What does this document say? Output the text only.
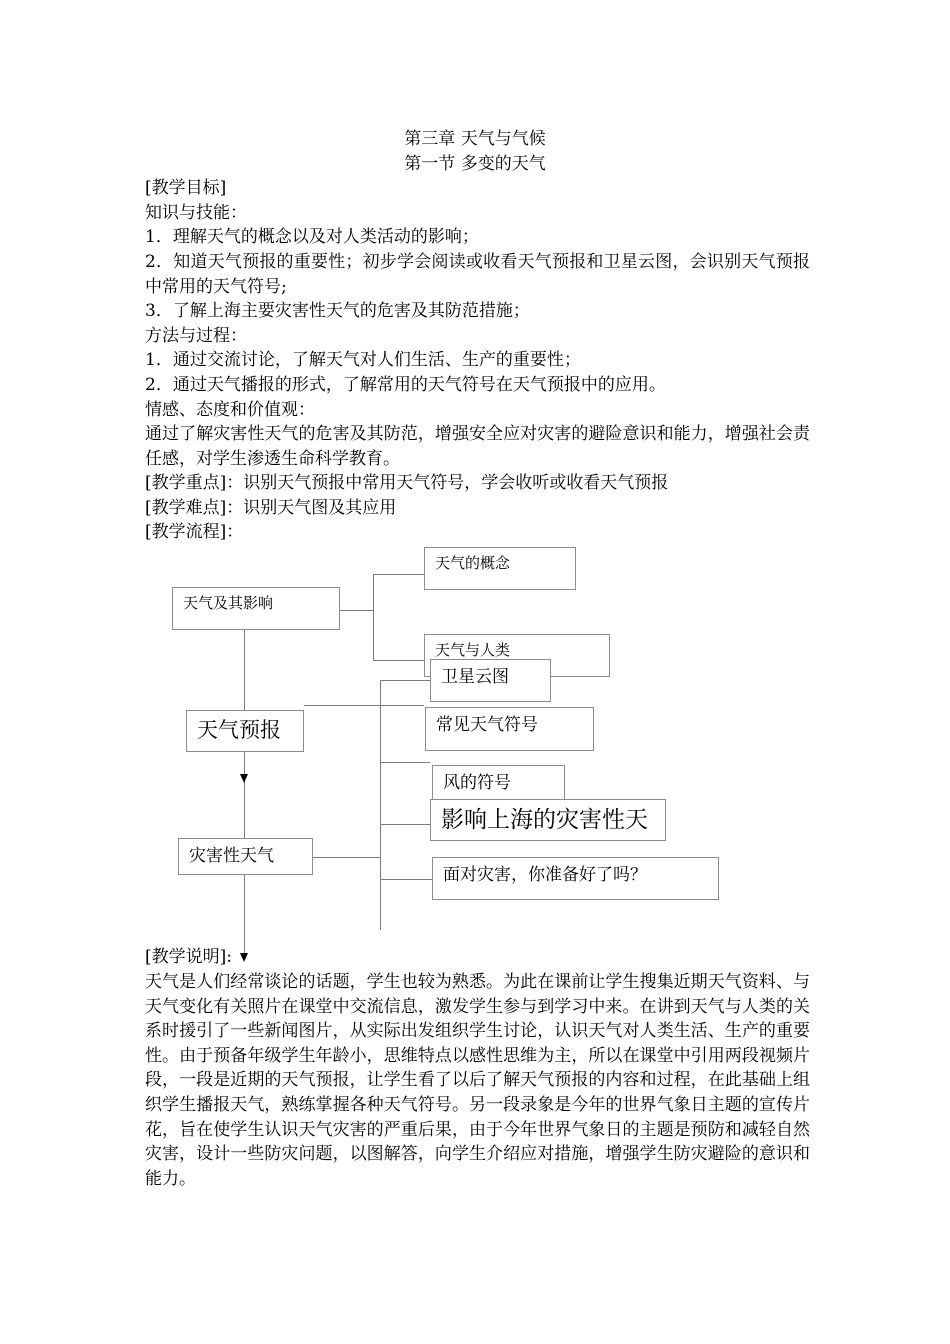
第三章 天气与气候
第一节 多变的天气
[教学目标]
知识与技能：
1．理解天气的概念以及对人类活动的影响；
2．知道天气预报的重要性；初步学会阅读或收看天气预报和卫星云图，会识别天气预报中常用的天气符号;
3．了解上海主要灾害性天气的危害及其防范措施；
方法与过程：
1．通过交流讨论，了解天气对人们生活、生产的重要性；
2．通过天气播报的形式，了解常用的天气符号在天气预报中的应用。
情感、态度和价值观：
通过了解灾害性天气的危害及其防范，增强安全应对灾害的避险意识和能力，增强社会责任感，对学生渗透生命科学教育。
[教学重点]：识别天气预报中常用天气符号，学会收听或收看天气预报
[教学难点]：识别天气图及其应用
[教学流程]：
天气的概念
天气及其影响
天气与人类
卫星云图
天气预报	常见天气符号
风的符号
影响上海的灾害性天
灾害性天气
面对灾害，你准备好了吗？
[教学说明]:
天气是人们经常谈论的话题，学生也较为熟悉。为此在课前让学生搜集近期天气资料、与天气变化有关照片在课堂中交流信息，激发学生参与到学习中来。在讲到天气与人类的关系时援引了一些新闻图片，从实际出发组织学生讨论，认识天气对人类生活、生产的重要性。由于预备年级学生年龄小，思维特点以感性思维为主，所以在课堂中引用两段视频片段，一段是近期的天气预报，让学生看了以后了解天气预报的内容和过程，在此基础上组织学生播报天气，熟练掌握各种天气符号。另一段录象是今年的世界气象日主题的宣传片花，旨在使学生认识天气灾害的严重后果，由于今年世界气象日的主题是预防和减轻自然灾害，设计一些防灾问题，以图解答，向学生介绍应对措施，增强学生防灾避险的意识和能力。
